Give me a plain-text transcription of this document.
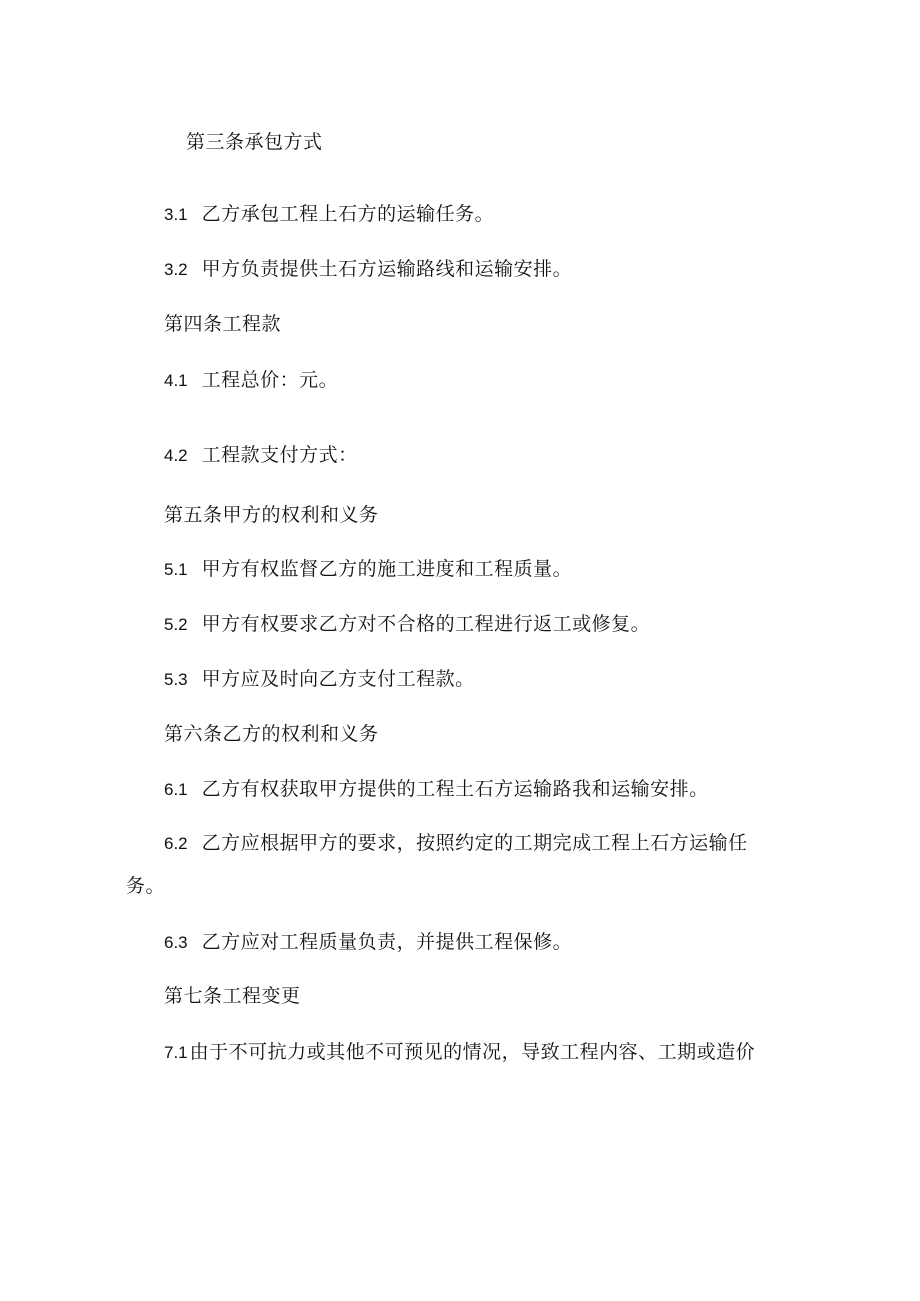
第三条承包方式
3.1 乙方承包工程上石方的运输任务。
3.2 甲方负责提供土石方运输路线和运输安排。
第四条工程款
4.1 工程总价：元。
4.2 工程款支付方式：
第五条甲方的权利和义务
5.1 甲方有权监督乙方的施工进度和工程质量。
5.2 甲方有权要求乙方对不合格的工程进行返工或修复。
5.3 甲方应及时向乙方支付工程款。
第六条乙方的权利和义务
6.1 乙方有权获取甲方提供的工程土石方运输路我和运输安排。
6.2 乙方应根据甲方的要求，按照约定的工期完成工程上石方运输任
务。
6.3 乙方应对工程质量负责，并提供工程保修。
第七条工程变更
7.1 由于不可抗力或其他不可预见的情况，导致工程内容、工期或造价
